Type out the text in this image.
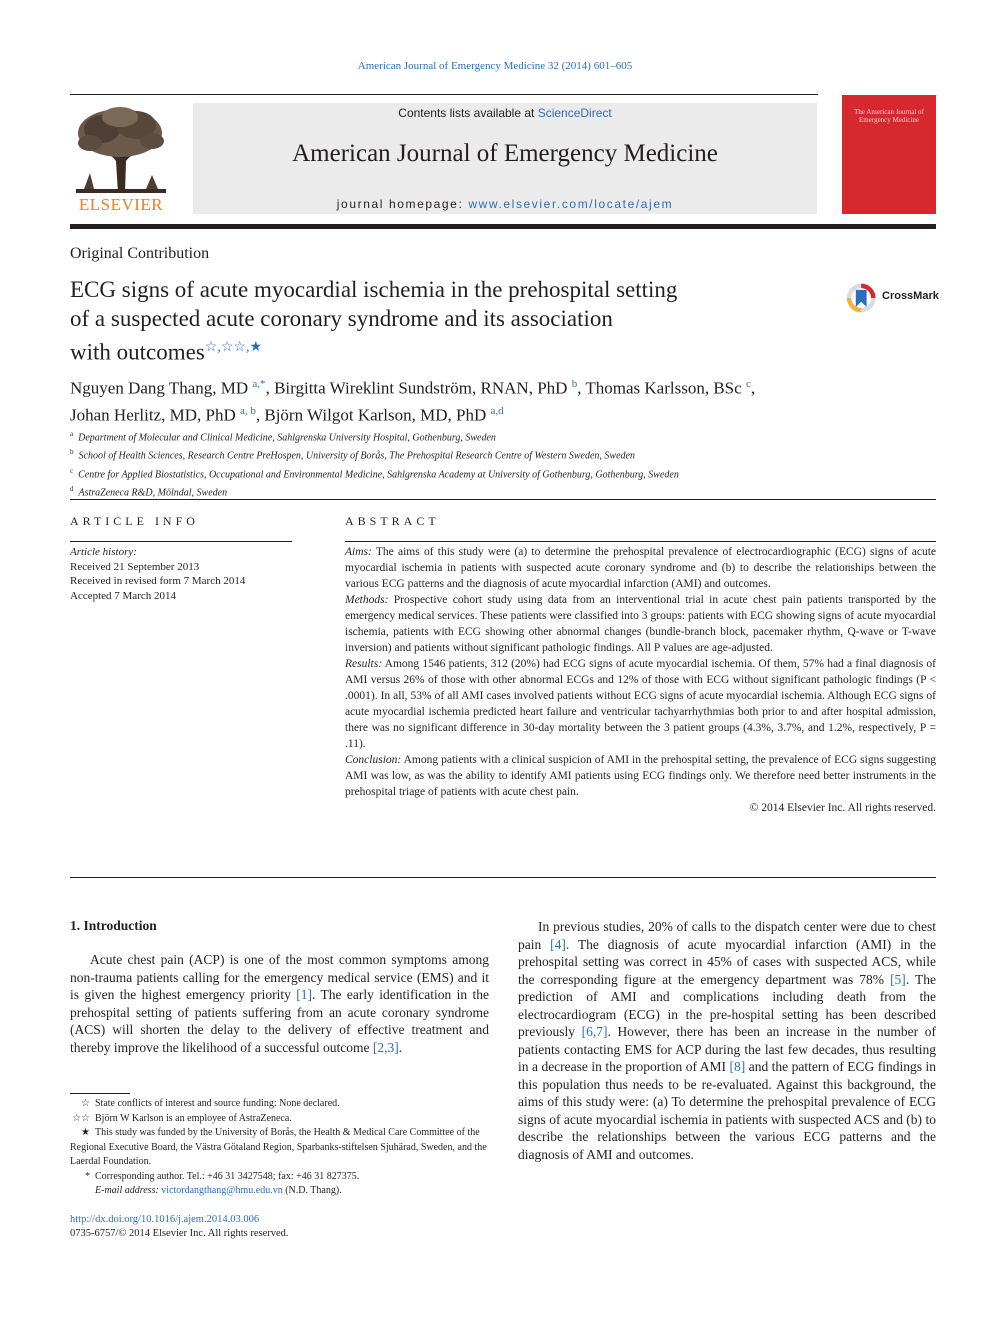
American Journal of Emergency Medicine 32 (2014) 601–605
ELSEVIER
Contents lists available at ScienceDirect
American Journal of Emergency Medicine
journal homepage: www.elsevier.com/locate/ajem
The American Journal of Emergency Medicine
Original Contribution
ECG signs of acute myocardial ischemia in the prehospital setting
of a suspected acute coronary syndrome and its association
with outcomes☆,☆☆,★
CrossMark
Nguyen Dang Thang, MD $^{a,*}$, Birgitta Wireklint Sundström, RNAN, PhD $^b$, Thomas Karlsson, BSc $^c$,
Johan Herlitz, MD, PhD $^{a, b}$, Björn Wilgot Karlson, MD, PhD $^{a,d}$
$^a$ Department of Molecular and Clinical Medicine, Sahlgrenska University Hospital, Gothenburg, Sweden
$^b$ School of Health Sciences, Research Centre PreHospen, University of Borås, The Prehospital Research Centre of Western Sweden, Sweden
$^c$ Centre for Applied Biostatistics, Occupational and Environmental Medicine, Sahlgrenska Academy at University of Gothenburg, Gothenburg, Sweden
$^d$ AstraZeneca R&D, Mölndal, Sweden
ARTICLE INFO	ABSTRACT
Article history:
Received 21 September 2013
Received in revised form 7 March 2014
Accepted 7 March 2014

Aims: The aims of this study were (a) to determine the prehospital prevalence of electrocardiographic (ECG) signs of acute myocardial ischemia in patients with suspected acute coronary syndrome and (b) to describe the relationships between the various ECG patterns and the diagnosis of acute myocardial infarction (AMI) and outcomes.

Methods: Prospective cohort study using data from an interventional trial in acute chest pain patients transported by the emergency medical services. These patients were classified into 3 groups: patients with ECG showing signs of acute myocardial ischemia, patients with ECG showing other abnormal changes (bundle-branch block, pacemaker rhythm, Q-wave or T-wave inversion) and patients without significant pathologic findings. All P values are age-adjusted.

Results: Among 1546 patients, 312 (20%) had ECG signs of acute myocardial ischemia. Of them, 57% had a final diagnosis of AMI versus 26% of those with other abnormal ECGs and 12% of those with ECG without significant pathologic findings (P < .0001). In all, 53% of all AMI cases involved patients without ECG signs of acute myocardial ischemia. Although ECG signs of acute myocardial ischemia predicted heart failure and ventricular tachyarrhythmias both prior to and after hospital admission, there was no significant difference in 30-day mortality between the 3 patient groups (4.3%, 3.7%, and 1.2%, respectively, P = .11).

Conclusion: Among patients with a clinical suspicion of AMI in the prehospital setting, the prevalence of ECG signs suggesting AMI was low, as was the ability to identify AMI patients using ECG findings only. We therefore need better instruments in the prehospital triage of patients with acute chest pain.

© 2014 Elsevier Inc. All rights reserved.

1. Introduction

Acute chest pain (ACP) is one of the most common symptoms among non-trauma patients calling for the emergency medical service (EMS) and it is given the highest emergency priority [1]. The early identification in the prehospital setting of patients suffering from an acute coronary syndrome (ACS) will shorten the delay to the delivery of effective treatment and thereby improve the likelihood of a successful outcome [2,3].

In previous studies, 20% of calls to the dispatch center were due to chest pain [4]. The diagnosis of acute myocardial infarction (AMI) in the prehospital setting was correct in 45% of cases with suspected ACS, while the corresponding figure at the emergency department was 78% [5]. The prediction of AMI and complications including death from the electrocardiogram (ECG) in the pre-hospital setting has been described previously [6,7]. However, there has been an increase in the number of patients contacting EMS for ACP during the last few decades, thus resulting in a decrease in the proportion of AMI [8] and the pattern of ECG findings in this population thus needs to be re-evaluated. Against this background, the aims of this study were: (a) To determine the prehospital prevalence of ECG signs of acute myocardial ischemia in patients with suspected ACS and (b) to describe the relationships between the various ECG patterns and the diagnosis of AMI and outcomes.

☆ State conflicts of interest and source funding: None declared.

☆☆ Björn W Karlson is an employee of AstraZeneca.

★ This study was funded by the University of Borås, the Health & Medical Care Committee of the Regional Executive Board, the Västra Götaland Region, Sparbanks-stiftelsen Sjuhärad, Sweden, and the Laerdal Foundation.

* Corresponding author. Tel.: +46 31 3427548; fax: +46 31 827375.

E-mail address: victordangthang@hmu.edu.vn (N.D. Thang).

http://dx.doi.org/10.1016/j.ajem.2014.03.006
0735-6757/© 2014 Elsevier Inc. All rights reserved.
